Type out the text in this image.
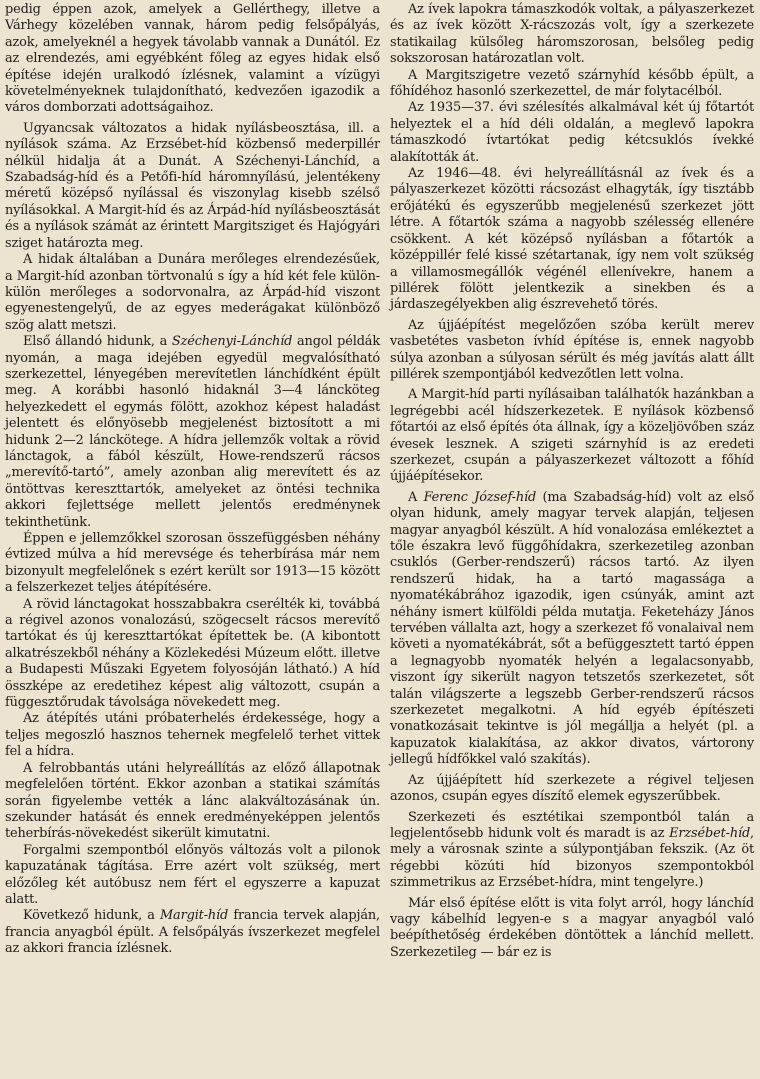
pedig éppen azok, amelyek a Gellérthegy, illetve a Várhegy közelében vannak, három pedig felsőpályás, azok, amelyeknél a hegyek távolabb vannak a Dunától. Ez az elrendezés, ami egyébként főleg az egyes hidak első építése idején uralkodó ízlésnek, valamint a vízügyi követelményeknek tulajdonítható, kedvezően igazodik a város domborzati adottságaihoz.

Ugyancsak változatos a hidak nyílásbeosztása, ill. a nyílások száma. Az Erzsébet-híd közbenső mederpillér nélkül hidalja át a Dunát. A Széchenyi-Lánchíd, a Szabadság-híd és a Petőfi-híd háromnyílású, jelentékeny méretű középső nyílással és viszonylag kisebb szélső nyílásokkal. A Margit-híd és az Árpád-híd nyílásbeosztását és a nyílások számát az érintett Margitsziget és Hajógyári sziget határozta meg.

A hidak általában a Dunára merőleges elrendezésűek, a Margit-híd azonban törtvonalú s így a híd két fele külön-külön merőleges a sodorvonalra, az Árpád-híd viszont egyenestengelyű, de az egyes mederágakat különböző szög alatt metszi.

Első állandó hidunk, a Széchenyi-Lánchíd angol példák nyomán, a maga idejében egyedül megvalósítható szerkezettel, lényegében merevítetlen lánchídként épült meg. A korábbi hasonló hidaknál 3—4 láncköteg helyezkedett el egymás fölött, azokhoz képest haladást jelentett és előnyösebb megjelenést biztosított a mi hidunk 2—2 lánckötege. A hídra jellemzők voltak a rövid lánctagok, a fából készült, Howe-rendszerű rácsos „merevítő-tartó”, amely azonban alig merevített és az öntöttvas kereszttartók, amelyeket az öntési technika akkori fejlettsége mellett jelentős eredménynek tekinthetünk.

Éppen e jellemzőkkel szorosan összefüggésben néhány évtized múlva a híd merevsége és teherbírása már nem bizonyult megfelelőnek s ezért került sor 1913—15 között a felszerkezet teljes átépítésére.

A rövid lánctagokat hosszabbakra cserélték ki, továbbá a régivel azonos vonalozású, szögecselt rácsos merevítő tartókat és új kereszttartókat építettek be. (A kibontott alkatrészekből néhány a Közlekedési Múzeum előtt. illetve a Budapesti Műszaki Egyetem folyosóján látható.) A híd összképe az eredetihez képest alig változott, csupán a függesztőrudak távolsága növekedett meg.

Az átépítés utáni próbaterhelés érdekessége, hogy a teljes megoszló hasznos tehernek megfelelő terhet vittek fel a hídra.

A felrobbantás utáni helyreállítás az előző állapotnak megfelelően történt. Ekkor azonban a statikai számítás során figyelembe vették a lánc alakváltozásának ún. szekunder hatását és ennek eredményeképpen jelentős teherbírás-növekedést sikerült kimutatni.

Forgalmi szempontból előnyös változás volt a pilonok kapuzatának tágítása. Erre azért volt szükség, mert előzőleg két autóbusz nem fért el egyszerre a kapuzat alatt.

Következő hidunk, a Margit-híd francia tervek alapján, francia anyagból épült. A felsőpályás ívszerkezet megfelel az akkori francia ízlésnek.

Az ívek lapokra támaszkodók voltak, a pályaszerkezet és az ívek között X-rácszozás volt, így a szerkezete statikailag külsőleg háromszorosan, belsőleg pedig sokszorosan határozatlan volt.

A Margitszigetre vezető szárnyhíd később épült, a főhídéhoz hasonló szerkezettel, de már folytacélból.

Az 1935—37. évi szélesítés alkalmával két új főtartót helyeztek el a híd déli oldalán, a meglevő lapokra támaszkodó ívtartókat pedig kétcsuklós ívekké alakították át.

Az 1946—48. évi helyreállításnál az ívek és a pályaszerkezet közötti rácsozást elhagyták, így tisztább erőjátékú és egyszerűbb megjelenésű szerkezet jött létre. A főtartók száma a nagyobb szélesség ellenére csökkent. A két középső nyílásban a főtartók a középpillér felé kissé szétartanak, így nem volt szükség a villamosmegállók végénél ellenívekre, hanem a pillérek fölött jelentkezik a sinekben és a járdaszegélyekben alig észrevehető törés.

Az újjáépítést megelőzően szóba került merev vasbetétes vasbeton ívhíd építése is, ennek nagyobb súlya azonban a súlyosan sérült és még javítás alatt állt pillérek szempontjából kedvezőtlen lett volna.

A Margit-híd parti nyílásaiban találhatók hazánkban a legrégebbi acél hídszerkezetek. E nyílások közbenső főtartói az első építés óta állnak, így a közeljövőben száz évesek lesznek. A szigeti szárnyhíd is az eredeti szerkezet, csupán a pályaszerkezet változott a főhíd újjáépítésekor.

A Ferenc József-híd (ma Szabadság-híd) volt az első olyan hidunk, amely magyar tervek alapján, teljesen magyar anyagból készült. A híd vonalozása emlékeztet a tőle északra levő függőhídakra, szerkezetileg azonban csuklós (Gerber-rendszerű) rácsos tartó. Az ilyen rendszerű hidak, ha a tartó magassága a nyomatékábrához igazodik, igen csúnyák, amint azt néhány ismert külföldi példa mutatja. Feketeházy János tervében vállalta azt, hogy a szerkezet fő vonalaival nem követi a nyomatékábrát, sőt a befüggesztett tartó éppen a legnagyobb nyomaték helyén a legalacsonyabb, viszont így sikerült nagyon tetszetős szerkezetet, sőt talán világszerte a legszebb Gerber-rendszerű rácsos szerkezetet megalkotni. A híd egyéb építészeti vonatkozásait tekintve is jól megállja a helyét (pl. a kapuzatok kialakítása, az akkor divatos, vártorony jellegű hídfőkkel való szakítás).

Az újjáépített híd szerkezete a régivel teljesen azonos, csupán egyes díszítő elemek egyszerűbbek.

Szerkezeti és esztétikai szempontból talán a legjelentősebb hidunk volt és maradt is az Erzsébet-híd, mely a városnak szinte a súlypontjában fekszik. (Az öt régebbi közúti híd bizonyos szempontokból szimmetrikus az Erzsébet-hídra, mint tengelyre.)

Már első építése előtt is vita folyt arról, hogy lánchíd vagy kábelhíd legyen-e s a magyar anyagból való beépíthetőség érdekében döntöttek a lánchíd mellett. Szerkezetileg — bár ez is
